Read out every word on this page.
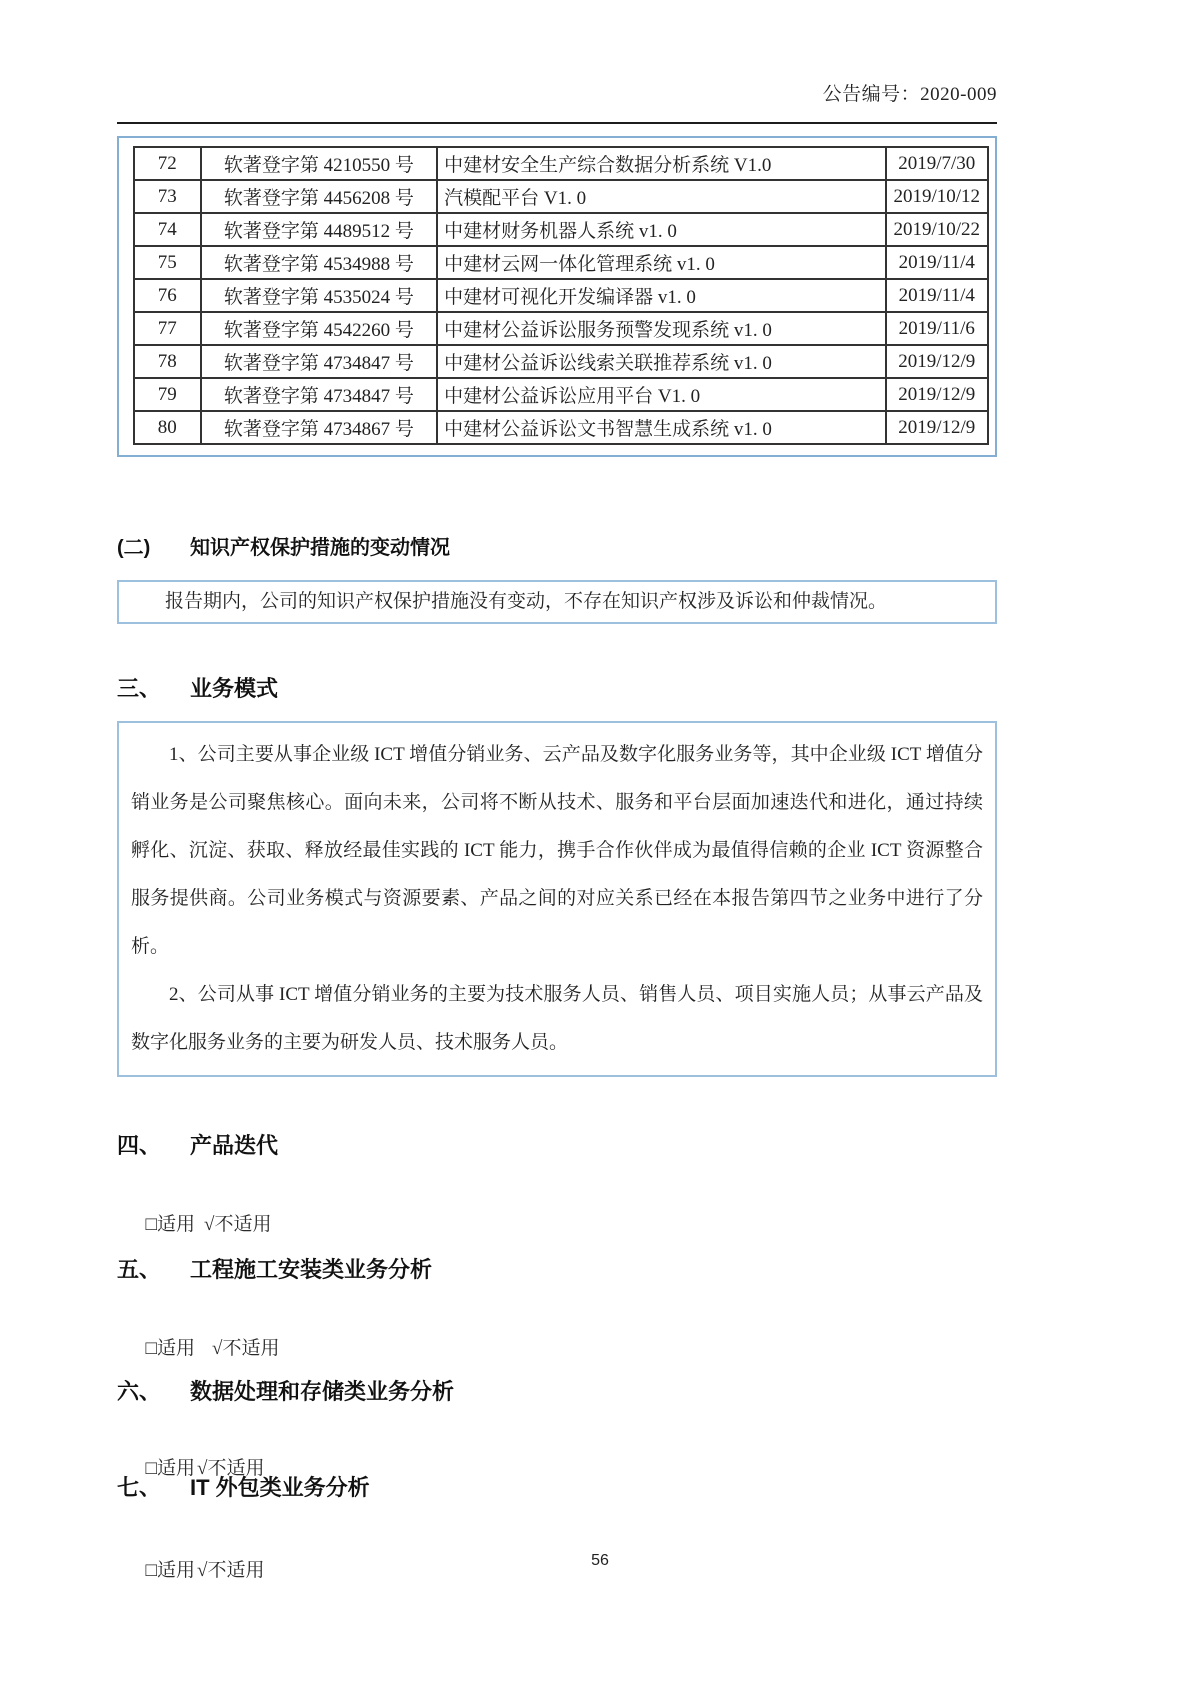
公告编号：2020-009
72	软著登字第 4210550 号	中建材安全生产综合数据分析系统 V1.0	2019/7/30
73	软著登字第 4456208 号	汽模配平台 V1. 0	2019/10/12
74	软著登字第 4489512 号	中建材财务机器人系统 v1. 0	2019/10/22
75	软著登字第 4534988 号	中建材云网一体化管理系统 v1. 0	2019/11/4
76	软著登字第 4535024 号	中建材可视化开发编译器 v1. 0	2019/11/4
77	软著登字第 4542260 号	中建材公益诉讼服务预警发现系统 v1. 0	2019/11/6
78	软著登字第 4734847 号	中建材公益诉讼线索关联推荐系统 v1. 0	2019/12/9
79	软著登字第 4734847 号	中建材公益诉讼应用平台 V1. 0	2019/12/9
80	软著登字第 4734867 号	中建材公益诉讼文书智慧生成系统 v1. 0	2019/12/9
(二)	知识产权保护措施的变动情况
报告期内，公司的知识产权保护措施没有变动，不存在知识产权涉及诉讼和仲裁情况。
三、	业务模式

1、公司主要从事企业级 ICT 增值分销业务、云产品及数字化服务业务等，其中企业级 ICT 增值分销业务是公司聚焦核心。面向未来，公司将不断从技术、服务和平台层面加速迭代和进化，通过持续孵化、沉淀、获取、释放经最佳实践的 ICT 能力，携手合作伙伴成为最值得信赖的企业 ICT 资源整合服务提供商。公司业务模式与资源要素、产品之间的对应关系已经在本报告第四节之业务中进行了分析。

2、公司从事 ICT 增值分销业务的主要为技术服务人员、销售人员、项目实施人员；从事云产品及数字化服务业务的主要为研发人员、技术服务人员。

四、	产品迭代

□适用 √不适用

五、	工程施工安装类业务分析

□适用 √不适用

六、	数据处理和存储类业务分析

□适用 √不适用

七、	IT 外包类业务分析

□适用 √不适用
	56
